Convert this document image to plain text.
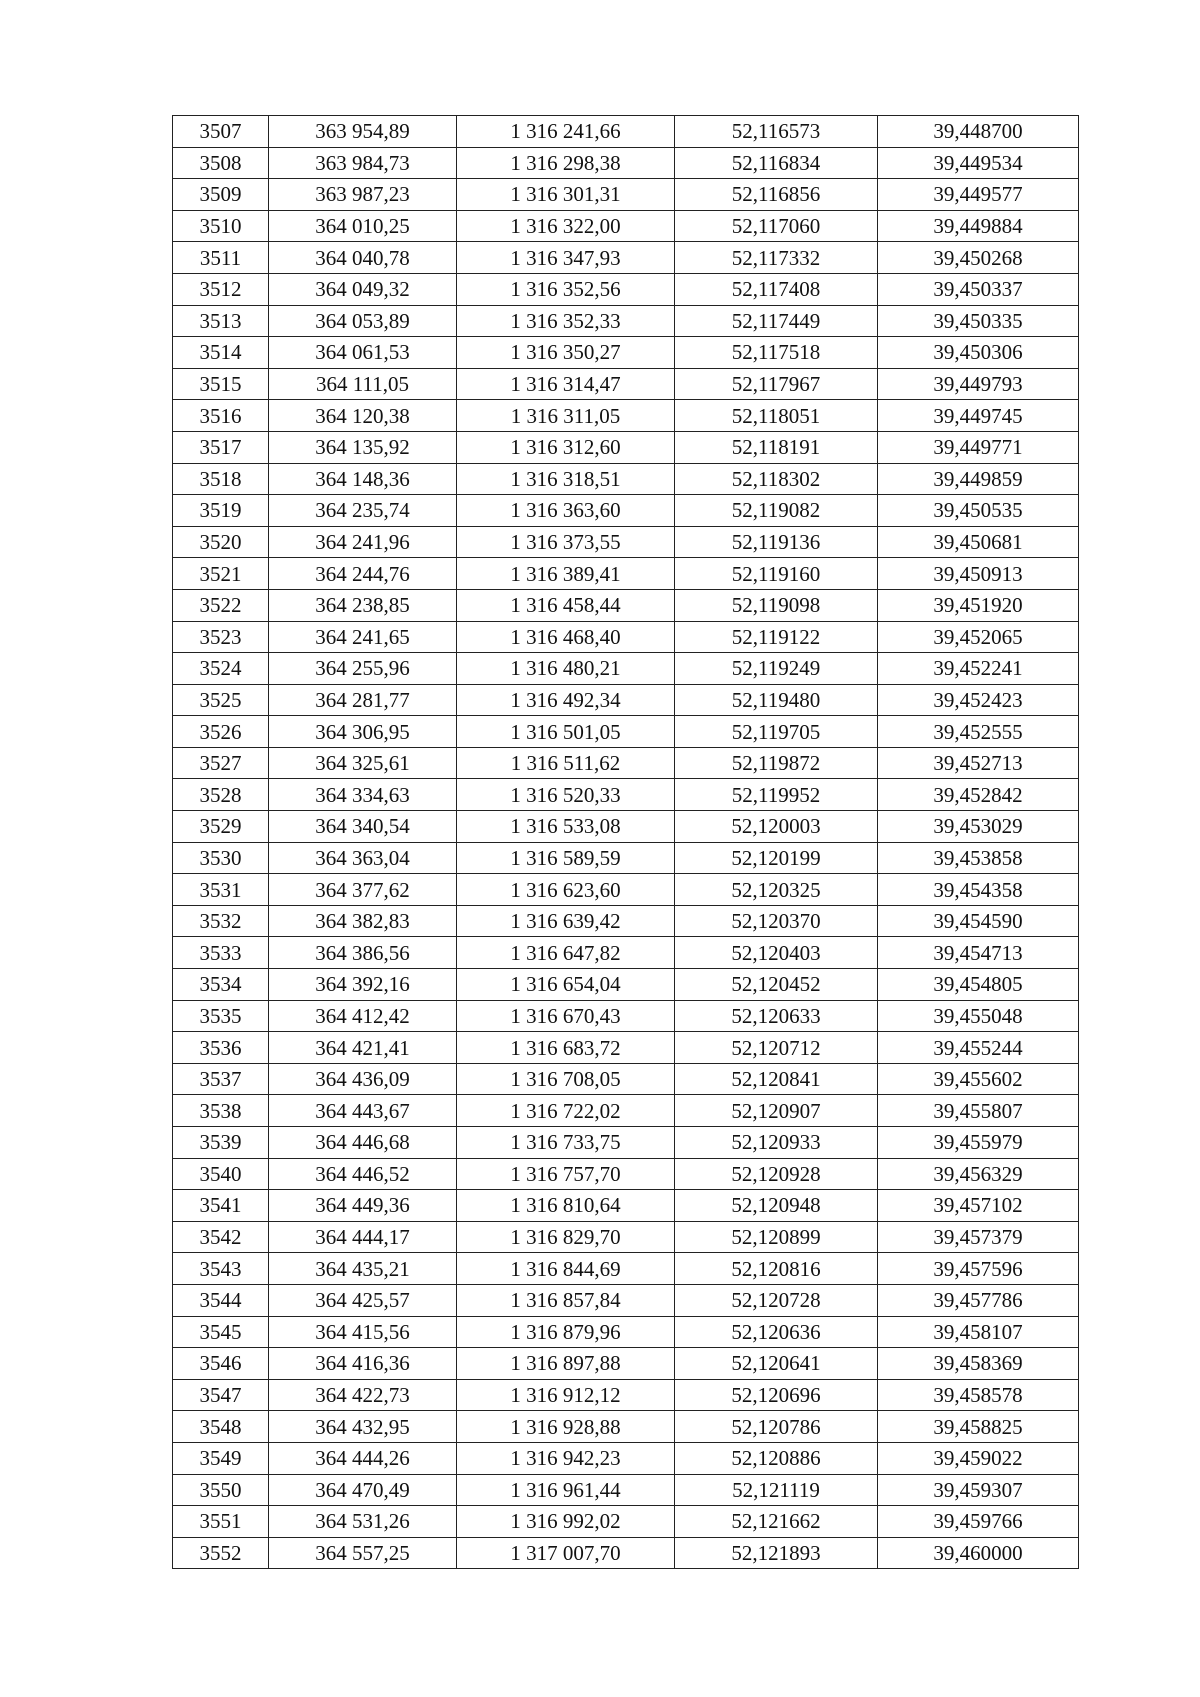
3507	363 954,89	1 316 241,66	52,116573	39,448700
3508	363 984,73	1 316 298,38	52,116834	39,449534
3509	363 987,23	1 316 301,31	52,116856	39,449577
3510	364 010,25	1 316 322,00	52,117060	39,449884
3511	364 040,78	1 316 347,93	52,117332	39,450268
3512	364 049,32	1 316 352,56	52,117408	39,450337
3513	364 053,89	1 316 352,33	52,117449	39,450335
3514	364 061,53	1 316 350,27	52,117518	39,450306
3515	364 111,05	1 316 314,47	52,117967	39,449793
3516	364 120,38	1 316 311,05	52,118051	39,449745
3517	364 135,92	1 316 312,60	52,118191	39,449771
3518	364 148,36	1 316 318,51	52,118302	39,449859
3519	364 235,74	1 316 363,60	52,119082	39,450535
3520	364 241,96	1 316 373,55	52,119136	39,450681
3521	364 244,76	1 316 389,41	52,119160	39,450913
3522	364 238,85	1 316 458,44	52,119098	39,451920
3523	364 241,65	1 316 468,40	52,119122	39,452065
3524	364 255,96	1 316 480,21	52,119249	39,452241
3525	364 281,77	1 316 492,34	52,119480	39,452423
3526	364 306,95	1 316 501,05	52,119705	39,452555
3527	364 325,61	1 316 511,62	52,119872	39,452713
3528	364 334,63	1 316 520,33	52,119952	39,452842
3529	364 340,54	1 316 533,08	52,120003	39,453029
3530	364 363,04	1 316 589,59	52,120199	39,453858
3531	364 377,62	1 316 623,60	52,120325	39,454358
3532	364 382,83	1 316 639,42	52,120370	39,454590
3533	364 386,56	1 316 647,82	52,120403	39,454713
3534	364 392,16	1 316 654,04	52,120452	39,454805
3535	364 412,42	1 316 670,43	52,120633	39,455048
3536	364 421,41	1 316 683,72	52,120712	39,455244
3537	364 436,09	1 316 708,05	52,120841	39,455602
3538	364 443,67	1 316 722,02	52,120907	39,455807
3539	364 446,68	1 316 733,75	52,120933	39,455979
3540	364 446,52	1 316 757,70	52,120928	39,456329
3541	364 449,36	1 316 810,64	52,120948	39,457102
3542	364 444,17	1 316 829,70	52,120899	39,457379
3543	364 435,21	1 316 844,69	52,120816	39,457596
3544	364 425,57	1 316 857,84	52,120728	39,457786
3545	364 415,56	1 316 879,96	52,120636	39,458107
3546	364 416,36	1 316 897,88	52,120641	39,458369
3547	364 422,73	1 316 912,12	52,120696	39,458578
3548	364 432,95	1 316 928,88	52,120786	39,458825
3549	364 444,26	1 316 942,23	52,120886	39,459022
3550	364 470,49	1 316 961,44	52,121119	39,459307
3551	364 531,26	1 316 992,02	52,121662	39,459766
3552	364 557,25	1 317 007,70	52,121893	39,460000
